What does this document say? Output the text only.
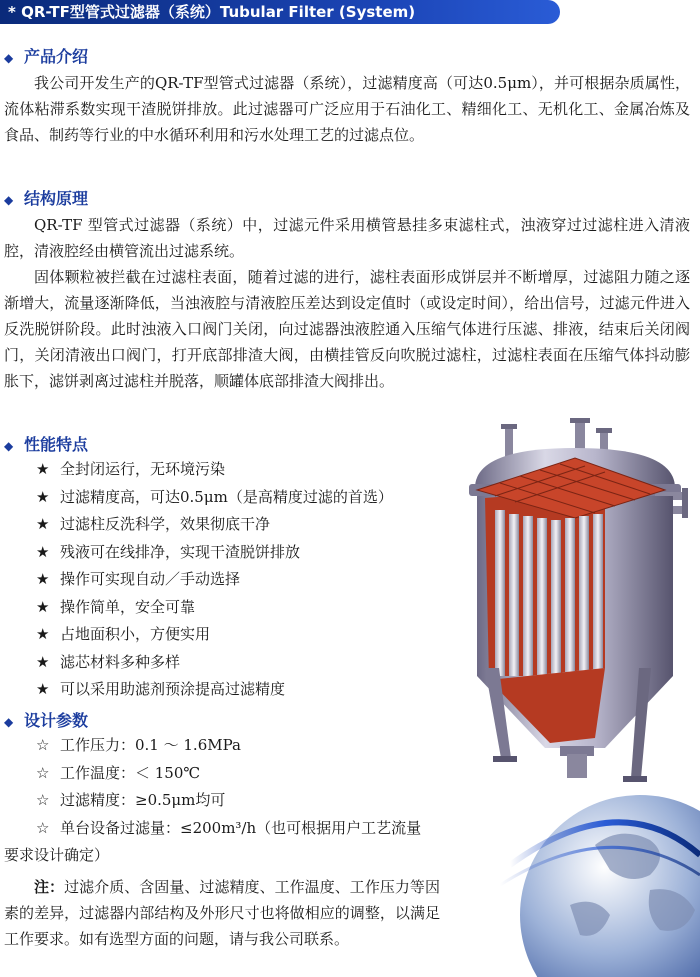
* QR-TF型管式过滤器（系统）Tubular Filter (System)
◆ 产品介绍
我公司开发生产的QR-TF型管式过滤器（系统），过滤精度高（可达0.5μm），并可根据杂质属性，流体粘滞系数实现干渣脱饼排放。此过滤器可广泛应用于石油化工、精细化工、无机化工、金属冶炼及食品、制药等行业的中水循环利用和污水处理工艺的过滤点位。
◆ 结构原理
QR-TF 型管式过滤器（系统）中，过滤元件采用横管悬挂多束滤柱式，浊液穿过过滤柱进入清液腔，清液腔经由横管流出过滤系统。
固体颗粒被拦截在过滤柱表面，随着过滤的进行，滤柱表面形成饼层并不断增厚，过滤阻力随之逐渐增大，流量逐渐降低，当浊液腔与清液腔压差达到设定值时（或设定时间），给出信号，过滤元件进入反洗脱饼阶段。此时浊液入口阀门关闭，向过滤器浊液腔通入压缩气体进行压滤、排液，结束后关闭阀门，关闭清液出口阀门，打开底部排渣大阀，由横挂管反向吹脱过滤柱，过滤柱表面在压缩气体抖动膨胀下，滤饼剥离过滤柱并脱落，顺罐体底部排渣大阀排出。
◆ 性能特点
★ 全封闭运行，无环境污染
★ 过滤精度高，可达0.5μm（是高精度过滤的首选）
★ 过滤柱反洗科学，效果彻底干净
★ 残液可在线排净，实现干渣脱饼排放
★ 操作可实现自动／手动选择
★ 操作简单，安全可靠
★ 占地面积小，方便实用
★ 滤芯材料多种多样
★ 可以采用助滤剂预涂提高过滤精度
◆ 设计参数
☆ 工作压力：0.1 ～ 1.6MPa
☆ 工作温度：＜ 150℃
☆ 过滤精度：≥0.5μm均可
☆ 单台设备过滤量：≤200m³/h（也可根据用户工艺流量
要求设计确定）
注：过滤介质、含固量、过滤精度、工作温度、工作压力等因素的差异，过滤器内部结构及外形尺寸也将做相应的调整，以满足工作要求。如有选型方面的问题，请与我公司联系。
